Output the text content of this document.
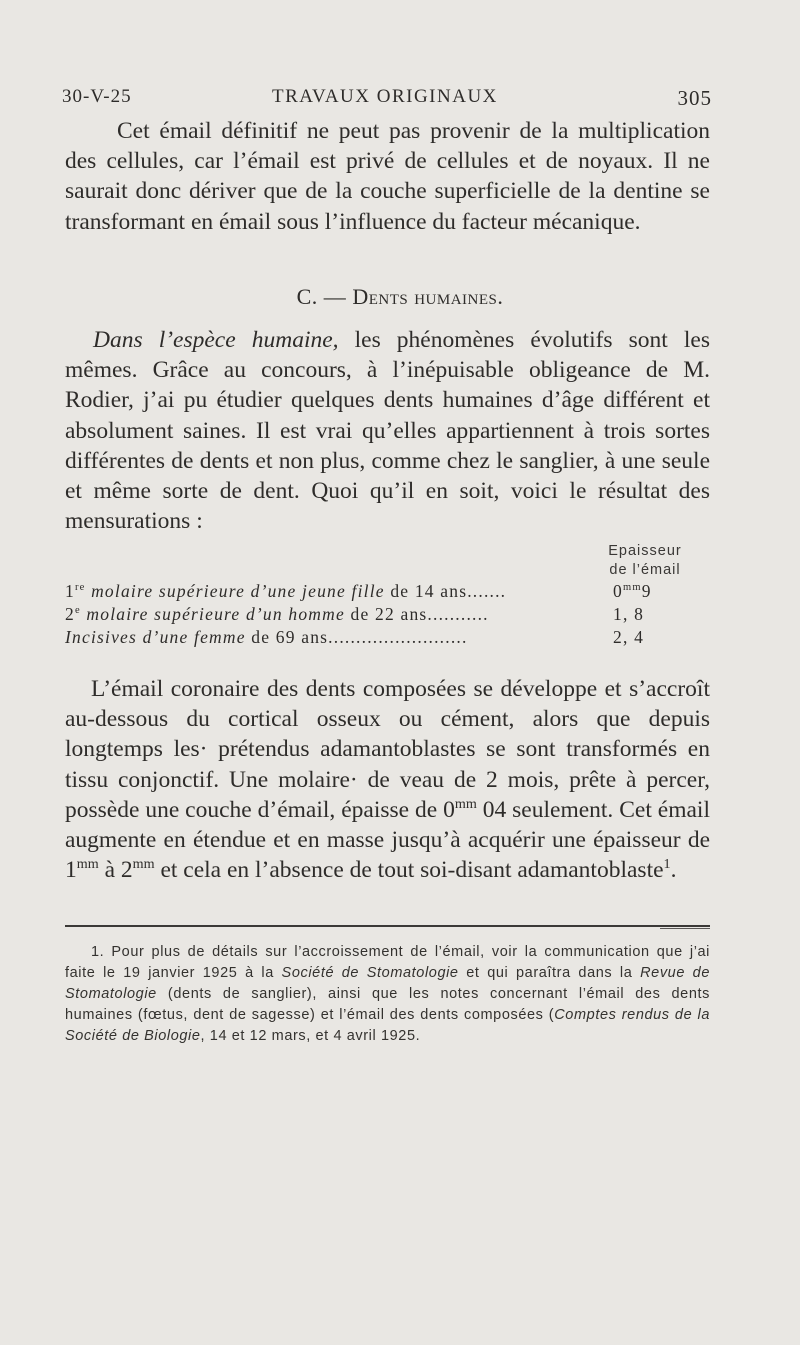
30-V-25	TRAVAUX ORIGINAUX	305
Cet émail définitif ne peut pas provenir de la multiplication des cellules, car l’émail est privé de cellules et de noyaux. Il ne saurait donc dériver que de la couche superficielle de la dentine se transformant en émail sous l’influence du facteur mécanique.
C. — Dents humaines.
Dans l’espèce humaine, les phénomènes évolutifs sont les mêmes. Grâce au concours, à l’inépuisable obligeance de M. Rodier, j’ai pu étudier quelques dents humaines d’âge différent et absolument saines. Il est vrai qu’elles appartiennent à trois sortes différentes de dents et non plus, comme chez le sanglier, à une seule et même sorte de dent. Quoi qu’il en soit, voici le résultat des mensurations :
Epaisseur
de l’émail
1re molaire supérieure d’une jeune fille de 14 ans.......	$0^{mm}9$
2e molaire supérieure d’un homme de 22 ans...........	1, 8
Incisives d’une femme de 69 ans.........................	2, 4
L’émail coronaire des dents composées se développe et s’accroît au-dessous du cortical osseux ou cément, alors que depuis longtemps les· prétendus adamantoblastes se sont transformés en tissu conjonctif. Une molaire· de veau de 2 mois, prête à percer, possède une couche d’émail, épaisse de $0^{mm}$ 04 seulement. Cet émail augmente en étendue et en masse jusqu’à acquérir une épaisseur de $1^{mm}$ à $2^{mm}$ et cela en l’absence de tout soi-disant adamantoblaste$^1$.
1. Pour plus de détails sur l’accroissement de l’émail, voir la communication que j’ai faite le 19 janvier 1925 à la Société de Stomatologie et qui paraîtra dans la Revue de Stomatologie (dents de sanglier), ainsi que les notes concernant l’émail des dents humaines (fœtus, dent de sagesse) et l’émail des dents composées (Comptes rendus de la Société de Biologie, 14 et 12 mars, et 4 avril 1925.
